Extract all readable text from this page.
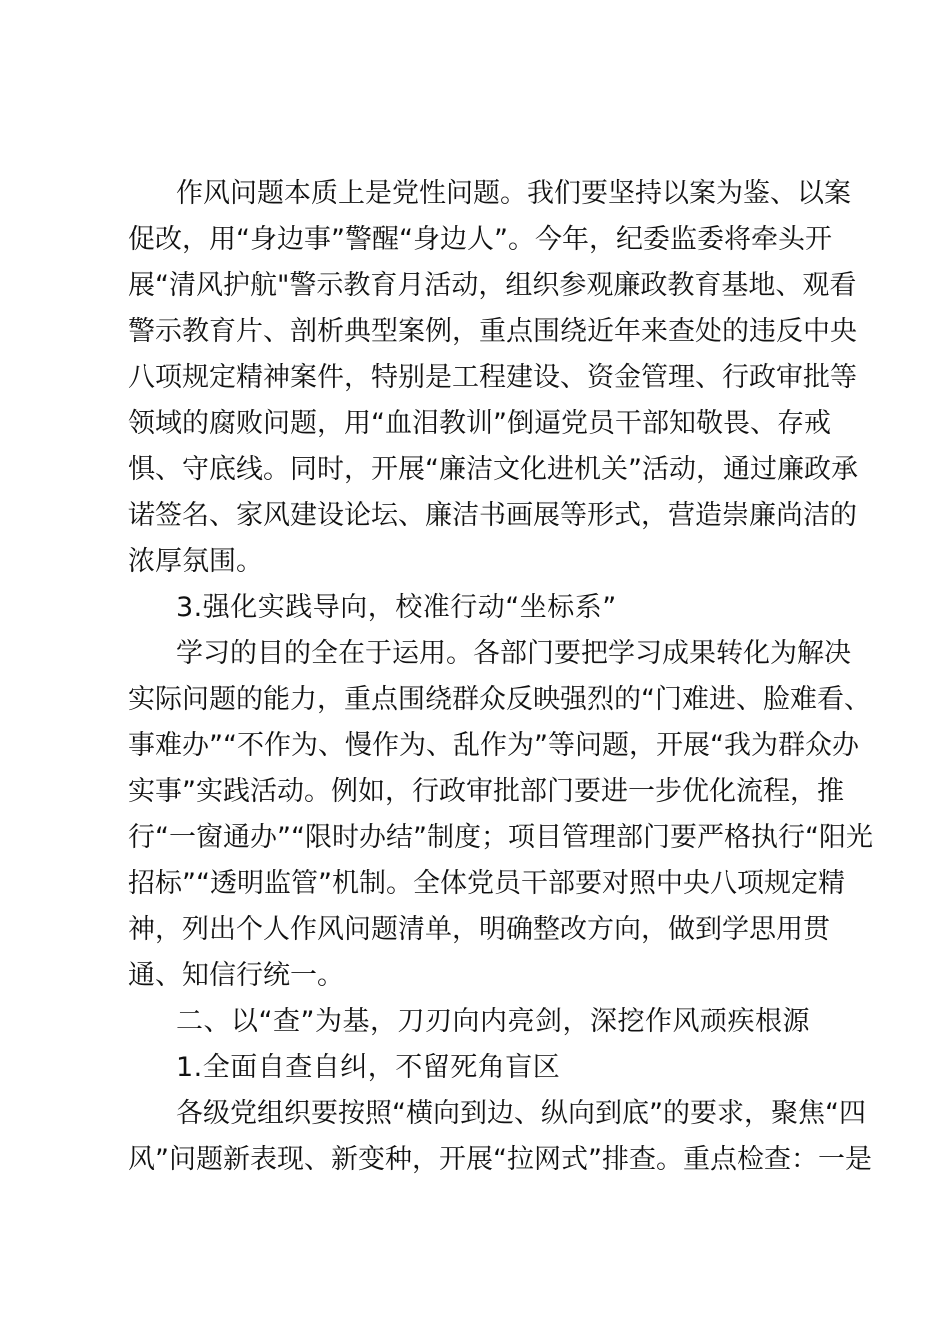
作风问题本质上是党性问题。我们要坚持以案为鉴、以案
促改，用“身边事”警醒“身边人”。今年，纪委监委将牵头开
展“清风护航"警示教育月活动，组织参观廉政教育基地、观看
警示教育片、剖析典型案例，重点围绕近年来查处的违反中央
八项规定精神案件，特别是工程建设、资金管理、行政审批等
领域的腐败问题，用“血泪教训”倒逼党员干部知敬畏、存戒
惧、守底线。同时，开展“廉洁文化进机关”活动，通过廉政承
诺签名、家风建设论坛、廉洁书画展等形式，营造崇廉尚洁的
浓厚氛围。
3.强化实践导向，校准行动“坐标系”
学习的目的全在于运用。各部门要把学习成果转化为解决
实际问题的能力，重点围绕群众反映强烈的“门难进、脸难看、
事难办”“不作为、慢作为、乱作为”等问题，开展“我为群众办
实事”实践活动。例如，行政审批部门要进一步优化流程，推
行“一窗通办”“限时办结”制度；项目管理部门要严格执行“阳光
招标”“透明监管”机制。全体党员干部要对照中央八项规定精
神，列出个人作风问题清单，明确整改方向，做到学思用贯
通、知信行统一。
二、以“查”为基，刀刃向内亮剑，深挖作风顽疾根源
1.全面自查自纠，不留死角盲区
各级党组织要按照“横向到边、纵向到底”的要求，聚焦“四
风”问题新表现、新变种，开展“拉网式”排查。重点检查：一是
